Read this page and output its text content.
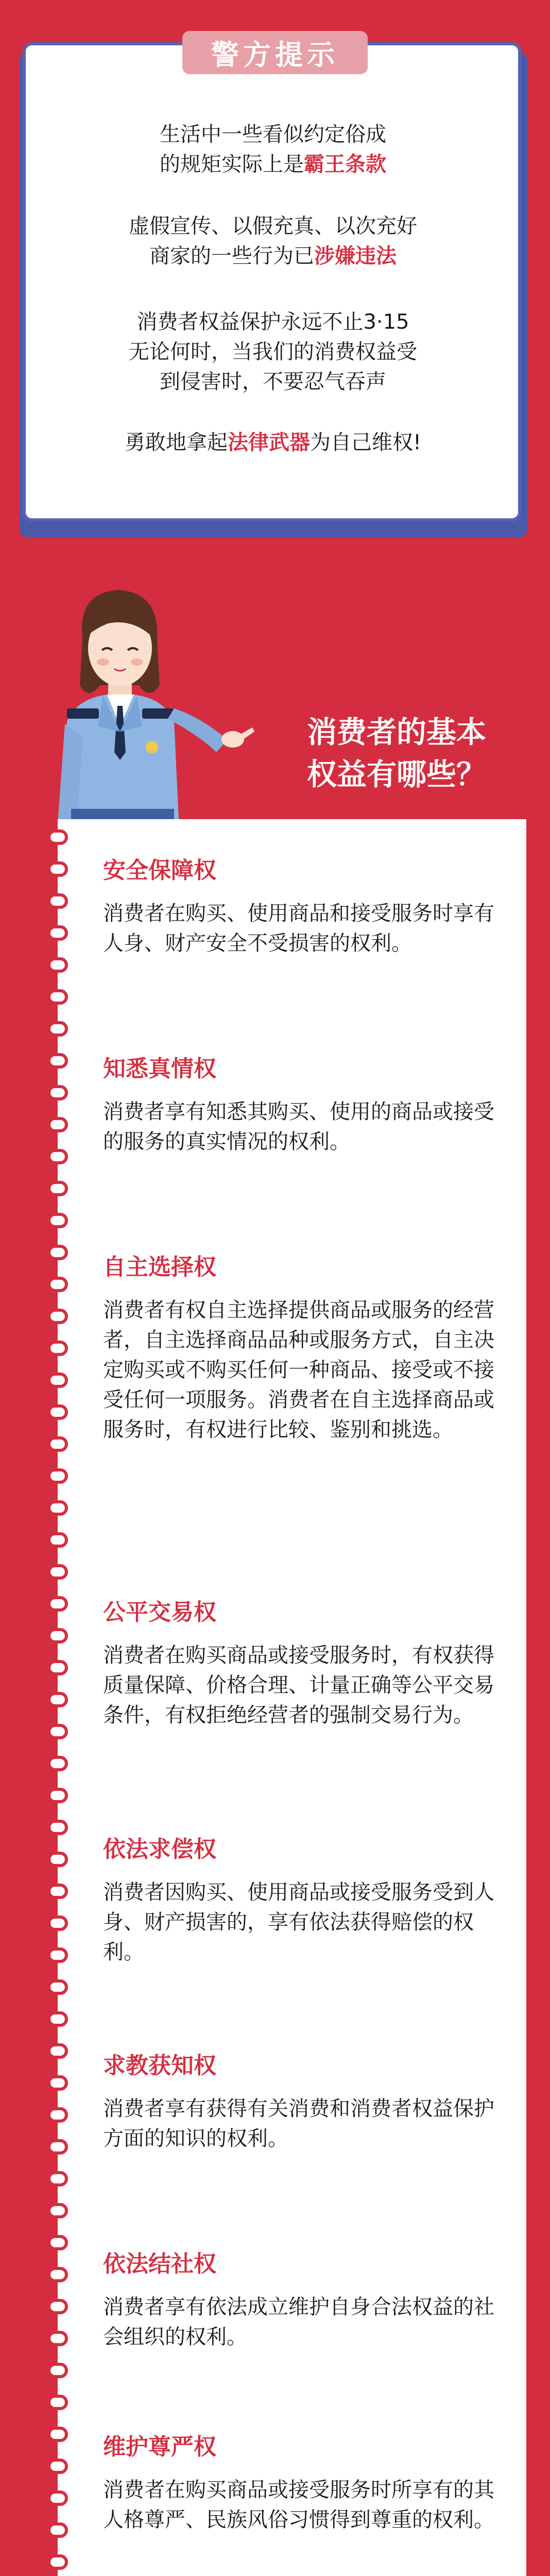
警方提示
生活中一些看似约定俗成
的规矩实际上是霸王条款
虚假宣传、以假充真、以次充好
商家的一些行为已涉嫌违法
消费者权益保护永远不止3·15
无论何时，当我们的消费权益受
到侵害时，不要忍气吞声
勇敢地拿起法律武器为自己维权!
消费者的基本
权益有哪些？
安全保障权
消费者在购买、使用商品和接受服务时享有人身、财产安全不受损害的权利。
知悉真情权
消费者享有知悉其购买、使用的商品或接受的服务的真实情况的权利。
自主选择权
消费者有权自主选择提供商品或服务的经营者，自主选择商品品种或服务方式，自主决定购买或不购买任何一种商品、接受或不接受任何一项服务。消费者在自主选择商品或服务时，有权进行比较、鉴别和挑选。
公平交易权
消费者在购买商品或接受服务时，有权获得质量保障、价格合理、计量正确等公平交易条件，有权拒绝经营者的强制交易行为。
依法求偿权
消费者因购买、使用商品或接受服务受到人身、财产损害的，享有依法获得赔偿的权利。
求教获知权
消费者享有获得有关消费和消费者权益保护方面的知识的权利。
依法结社权
消费者享有依法成立维护自身合法权益的社会组织的权利。
维护尊严权
消费者在购买商品或接受服务时所享有的其人格尊严、民族风俗习惯得到尊重的权利。
